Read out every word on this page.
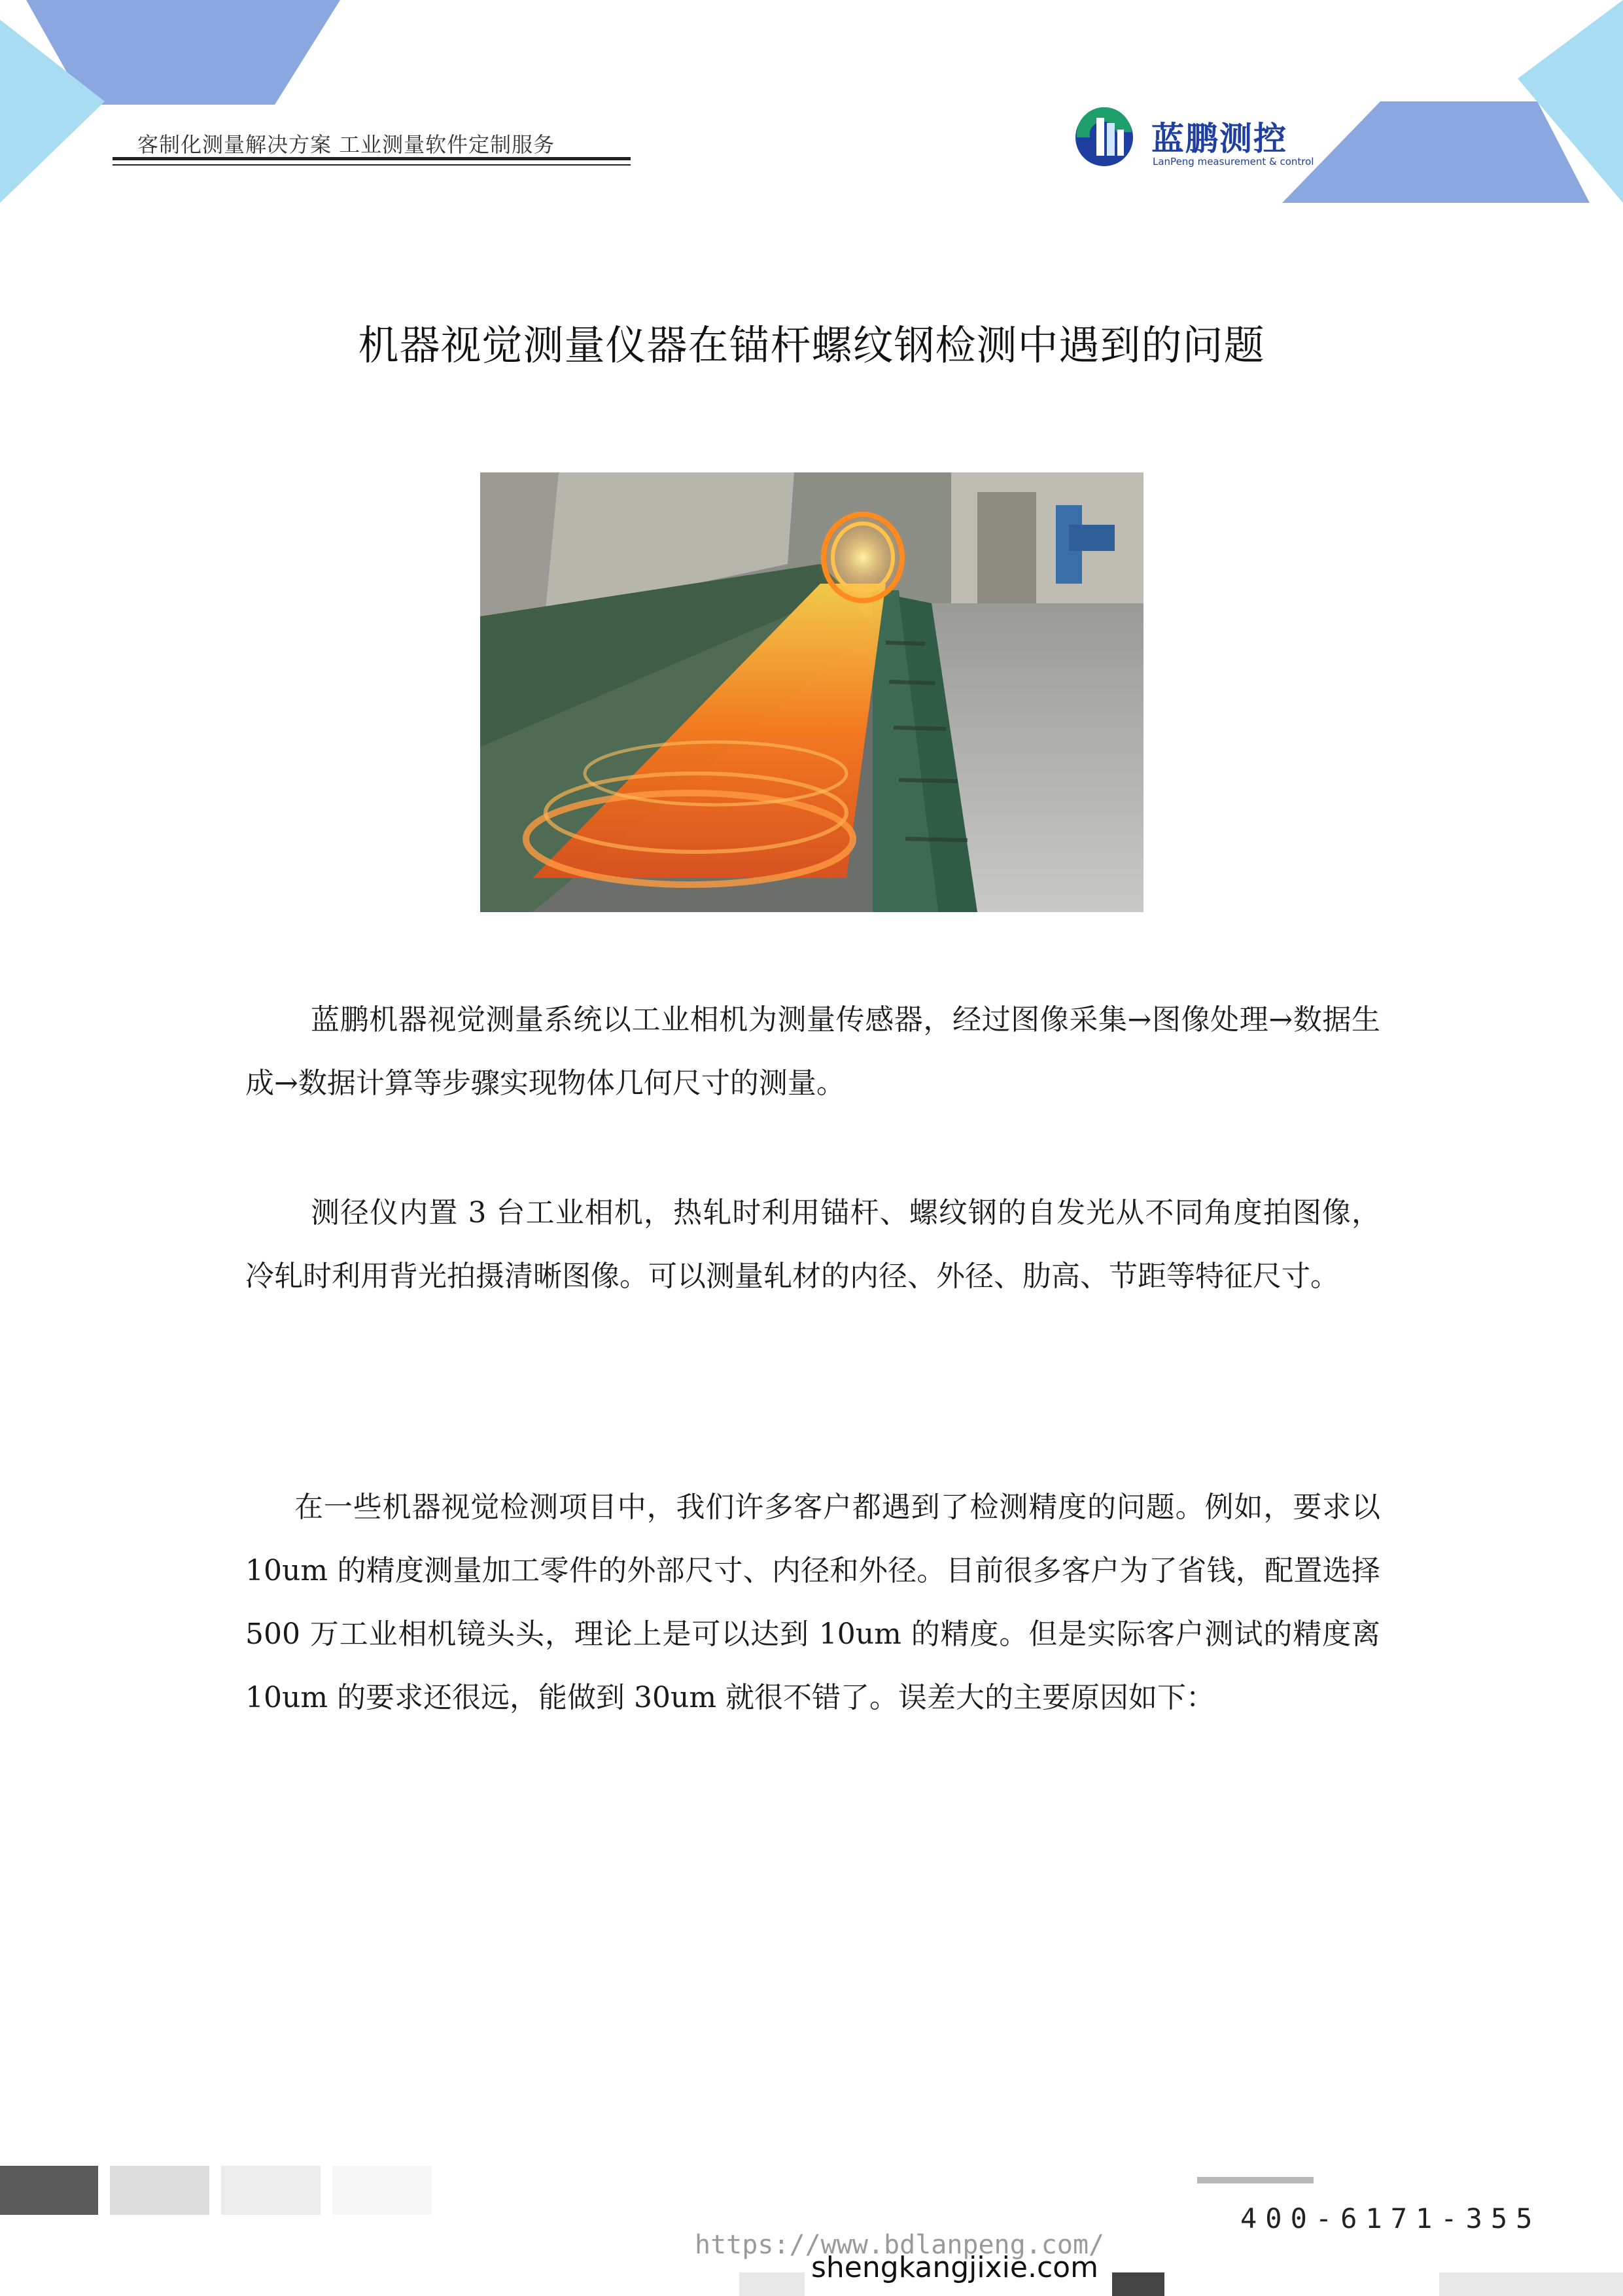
客制化测量解决方案 工业测量软件定制服务	蓝鹏测控
LanPeng measurement & control
机器视觉测量仪器在锚杆螺纹钢检测中遇到的问题

蓝鹏机器视觉测量系统以工业相机为测量传感器，经过图像采集→图像处理→数据生成→数据计算等步骤实现物体几何尺寸的测量。

测径仪内置 3 台工业相机，热轧时利用锚杆、螺纹钢的自发光从不同角度拍图像，冷轧时利用背光拍摄清晰图像。可以测量轧材的内径、外径、肋高、节距等特征尺寸。

在一些机器视觉检测项目中，我们许多客户都遇到了检测精度的问题。例如，要求以 10um 的精度测量加工零件的外部尺寸、内径和外径。目前很多客户为了省钱，配置选择 500 万工业相机镜头头，理论上是可以达到 10um 的精度。但是实际客户测试的精度离 10um 的要求还很远，能做到 30um 就很不错了。误差大的主要原因如下：

400-6171-355
https://www.bdlanpeng.com/
shengkangjixie.com
